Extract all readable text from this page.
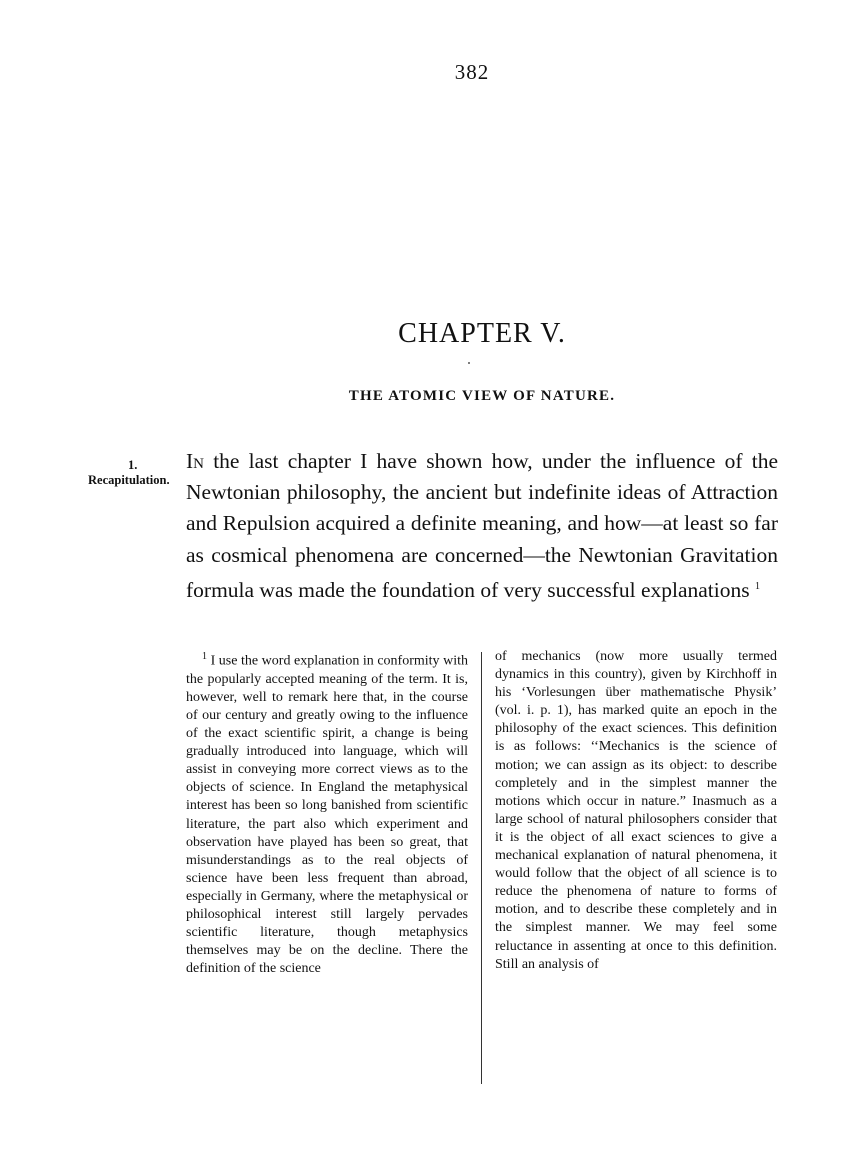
382
CHAPTER V.
THE ATOMIC VIEW OF NATURE.
1.
Recapitulation.

In the last chapter I have shown how, under the influence of the Newtonian philosophy, the ancient but indefinite ideas of Attraction and Repulsion acquired a definite meaning, and how—at least so far as cosmical phenomena are concerned—the Newtonian Gravitation formula was made the foundation of very successful explanations $^1$

$^1$ I use the word explanation in conformity with the popularly accepted meaning of the term. It is, however, well to remark here that, in the course of our century and greatly owing to the influence of the exact scientific spirit, a change is being gradually introduced into language, which will assist in conveying more correct views as to the objects of science. In England the metaphysical interest has been so long banished from scientific literature, the part also which experiment and observation have played has been so great, that misunderstandings as to the real objects of science have been less frequent than abroad, especially in Germany, where the metaphysical or philosophical interest still largely pervades scientific literature, though metaphysics themselves may be on the decline. There the definition of the science

of mechanics (now more usually termed dynamics in this country), given by Kirchhoff in his ‘Vorlesungen über mathematische Physik’ (vol. i. p. 1), has marked quite an epoch in the philosophy of the exact sciences. This definition is as follows: ‘‘Mechanics is the science of motion; we can assign as its object: to describe completely and in the simplest manner the motions which occur in nature.” Inasmuch as a large school of natural philosophers consider that it is the object of all exact sciences to give a mechanical explanation of natural phenomena, it would follow that the object of all science is to reduce the phenomena of nature to forms of motion, and to describe these completely and in the simplest manner. We may feel some reluctance in assenting at once to this definition. Still an analysis of
